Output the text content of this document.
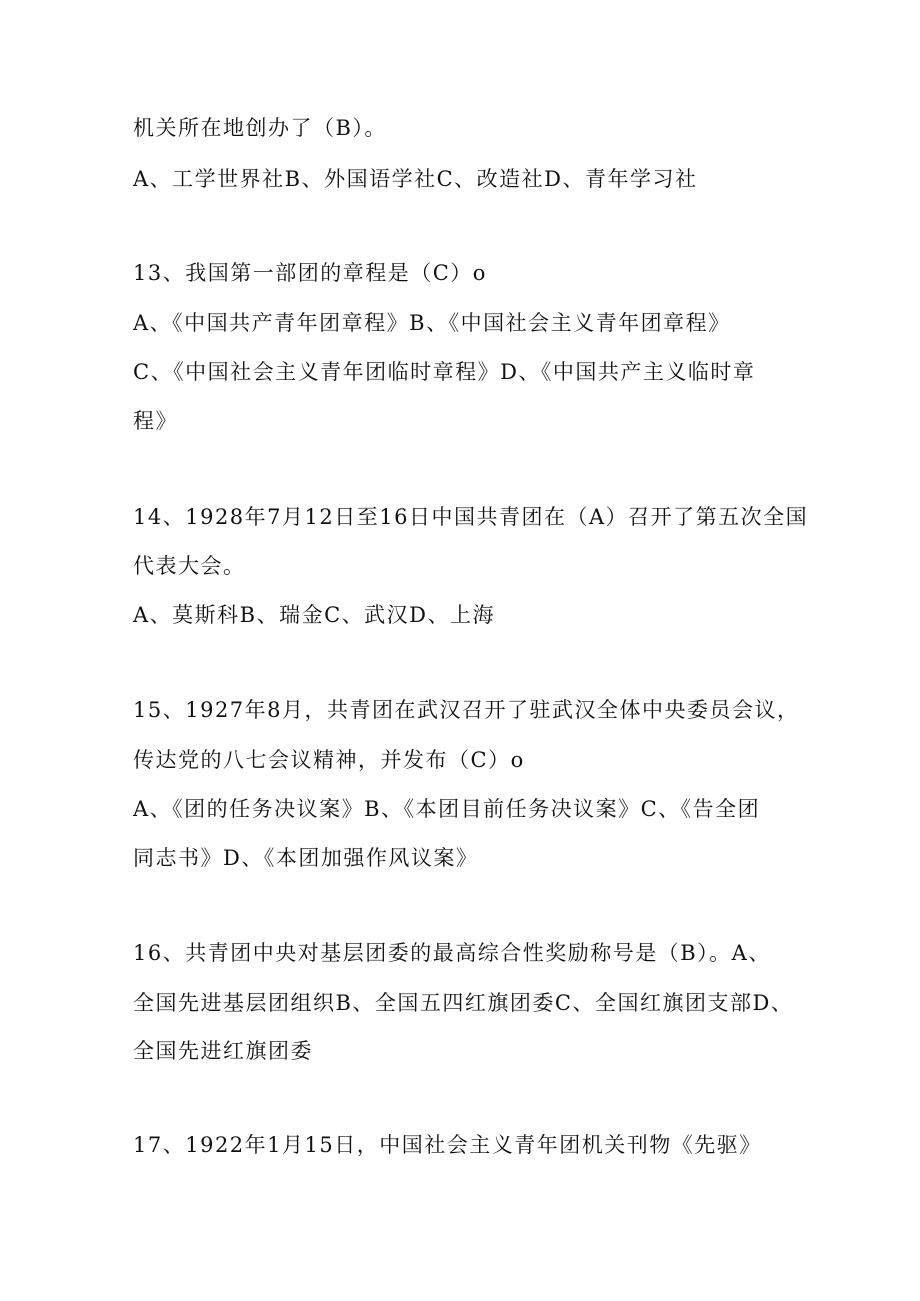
机关所在地创办了（B）。
A、工学世界社B、外国语学社C、改造社D、青年学习社
13、我国第一部团的章程是（C）o
A、《中国共产青年团章程》B、《中国社会主义青年团章程》
C、《中国社会主义青年团临时章程》D、《中国共产主义临时章
程》
14、1928年7月12日至16日中国共青团在（A）召开了第五次全国
代表大会。
A、莫斯科B、瑞金C、武汉D、上海
15、1927年8月，共青团在武汉召开了驻武汉全体中央委员会议，
传达党的八七会议精神，并发布（C）o
A、《团的任务决议案》B、《本团目前任务决议案》C、《告全团
同志书》D、《本团加强作风议案》
16、共青团中央对基层团委的最高综合性奖励称号是（B）。A、
全国先进基层团组织B、全国五四红旗团委C、全国红旗团支部D、
全国先进红旗团委
17、1922年1月15日，中国社会主义青年团机关刊物《先驱》
